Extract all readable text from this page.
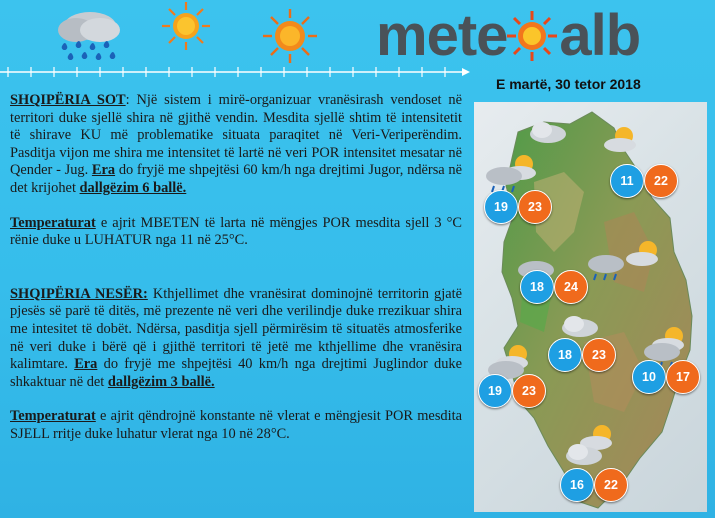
mete alb
E martë, 30 tetor 2018

SHQIPËRIA SOT: Një sistem i mirë-organizuar vranësirash vendoset në territori duke sjellë shira në gjithë vendin. Mesdita sjellë shtim të intensitetit të shirave KU më problematike situata paraqitet në Veri-Veriperëndim. Pasditja vijon me shira me intensitet të lartë në veri POR intensitet mesatar në Qender - Jug. Era do fryjë me shpejtësi 60 km/h nga drejtimi Jugor, ndërsa në det krijohet dallgëzim 6 ballë.

Temperaturat e ajrit MBETEN të larta në mëngjes POR mesdita sjell 3 °C rënie duke u LUHATUR nga 11 në 25°C.

SHQIPËRIA NESËR: Kthjellimet dhe vranësirat dominojnë territorin gjatë pjesës së parë të ditës, më prezente në veri dhe verilindje duke rrezikuar shira me intesitet të dobët. Ndërsa, pasditja sjell përmirësim të situatës atmosferike në veri duke i bërë që i gjithë territori të jetë me kthjellime dhe vranësira kalimtare. Era do fryjë me shpejtësi 40 km/h nga drejtimi Juglindor duke shkaktuar në det dallgëzim 3 ballë.

Temperaturat e ajrit qëndrojnë konstante në vlerat e mëngjesit POR mesdita SJELL rritje duke luhatur vlerat nga 10 në 28°C.

19	23
11	22
18	24
18	23
10	17
19	23
16	22
